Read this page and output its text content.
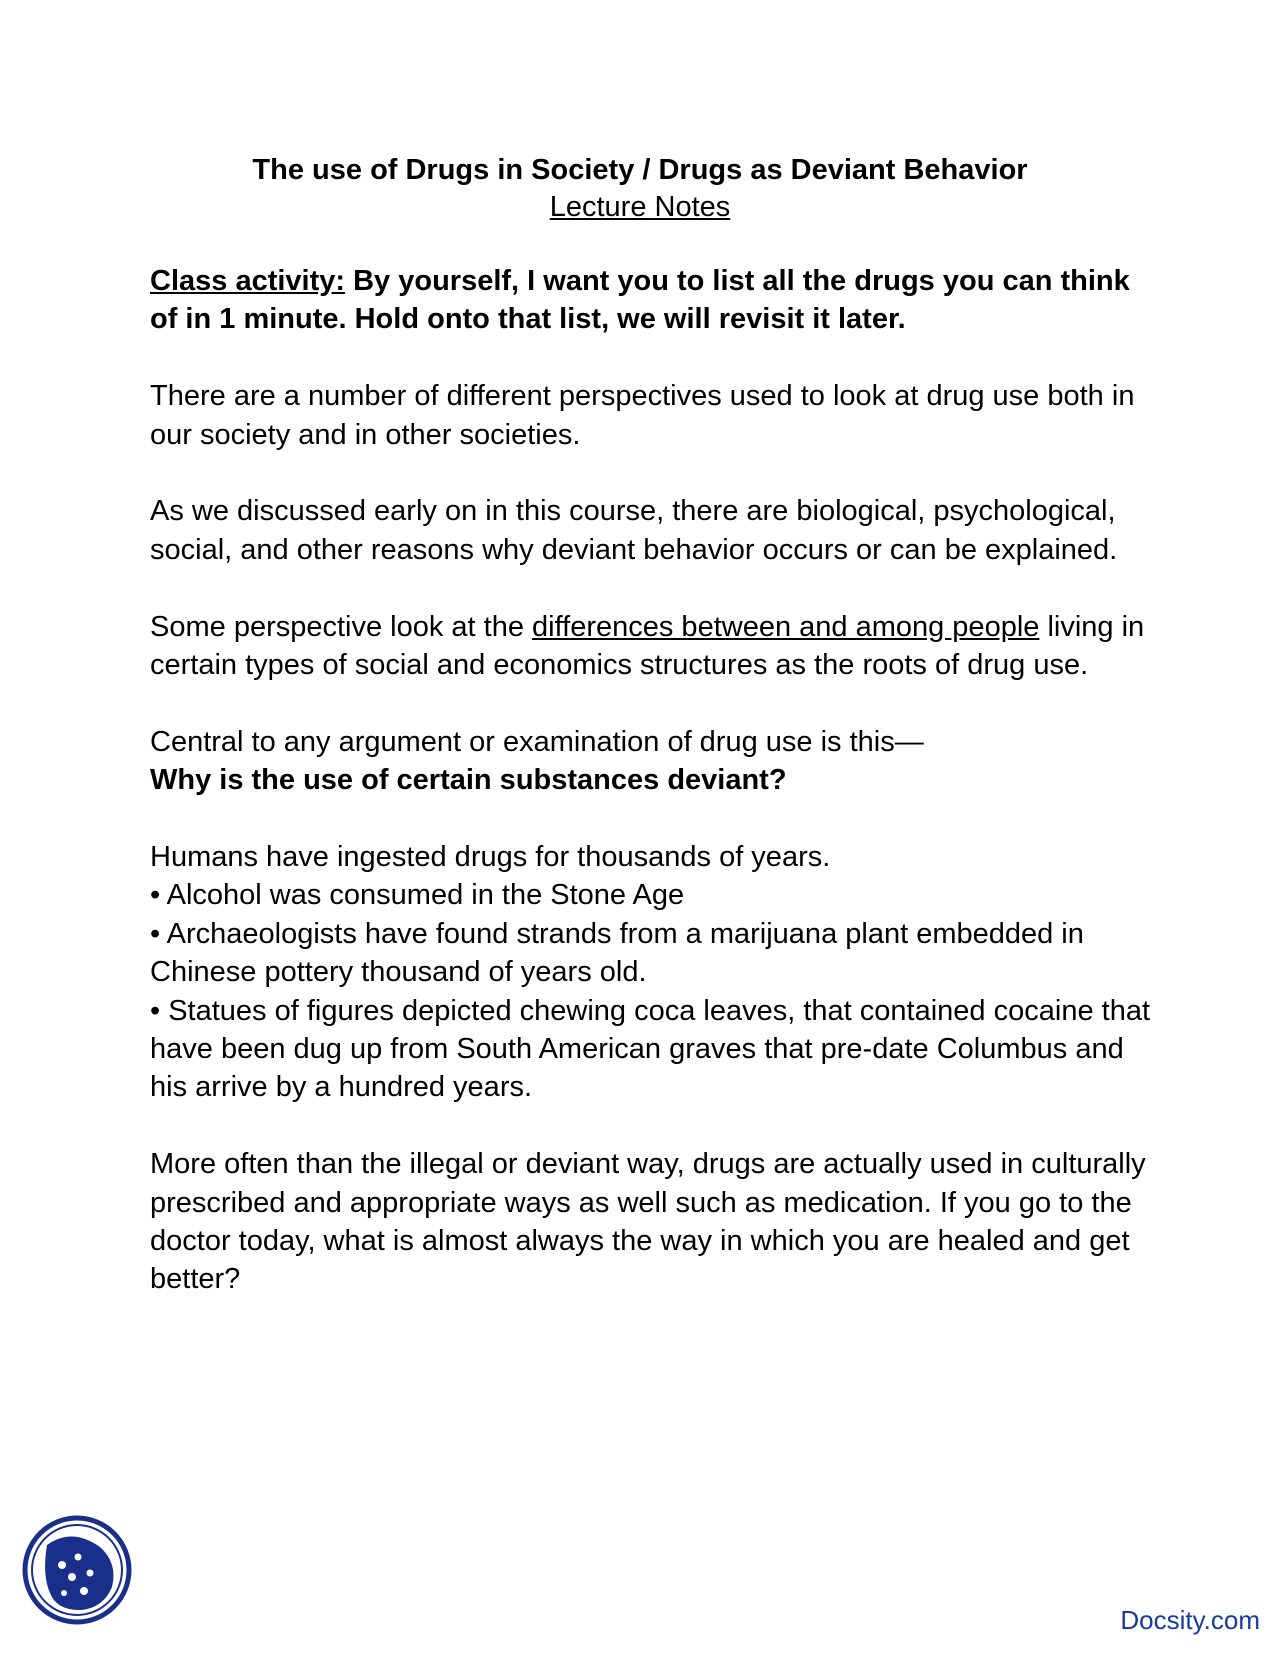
The use of Drugs in Society / Drugs as Deviant Behavior
Lecture Notes

Class activity: By yourself, I want you to list all the drugs you can think of in 1 minute. Hold onto that list, we will revisit it later.

There are a number of different perspectives used to look at drug use both in our society and in other societies.

As we discussed early on in this course, there are biological, psychological, social, and other reasons why deviant behavior occurs or can be explained.

Some perspective look at the differences between and among people living in certain types of social and economics structures as the roots of drug use.

Central to any argument or examination of drug use is this—
Why is the use of certain substances deviant?

Humans have ingested drugs for thousands of years.
• Alcohol was consumed in the Stone Age
• Archaeologists have found strands from a marijuana plant embedded in Chinese pottery thousand of years old.
• Statues of figures depicted chewing coca leaves, that contained cocaine that have been dug up from South American graves that pre-date Columbus and his arrive by a hundred years.

More often than the illegal or deviant way, drugs are actually used in culturally prescribed and appropriate ways as well such as medication. If you go to the doctor today, what is almost always the way in which you are healed and get better?

Docsity.com
